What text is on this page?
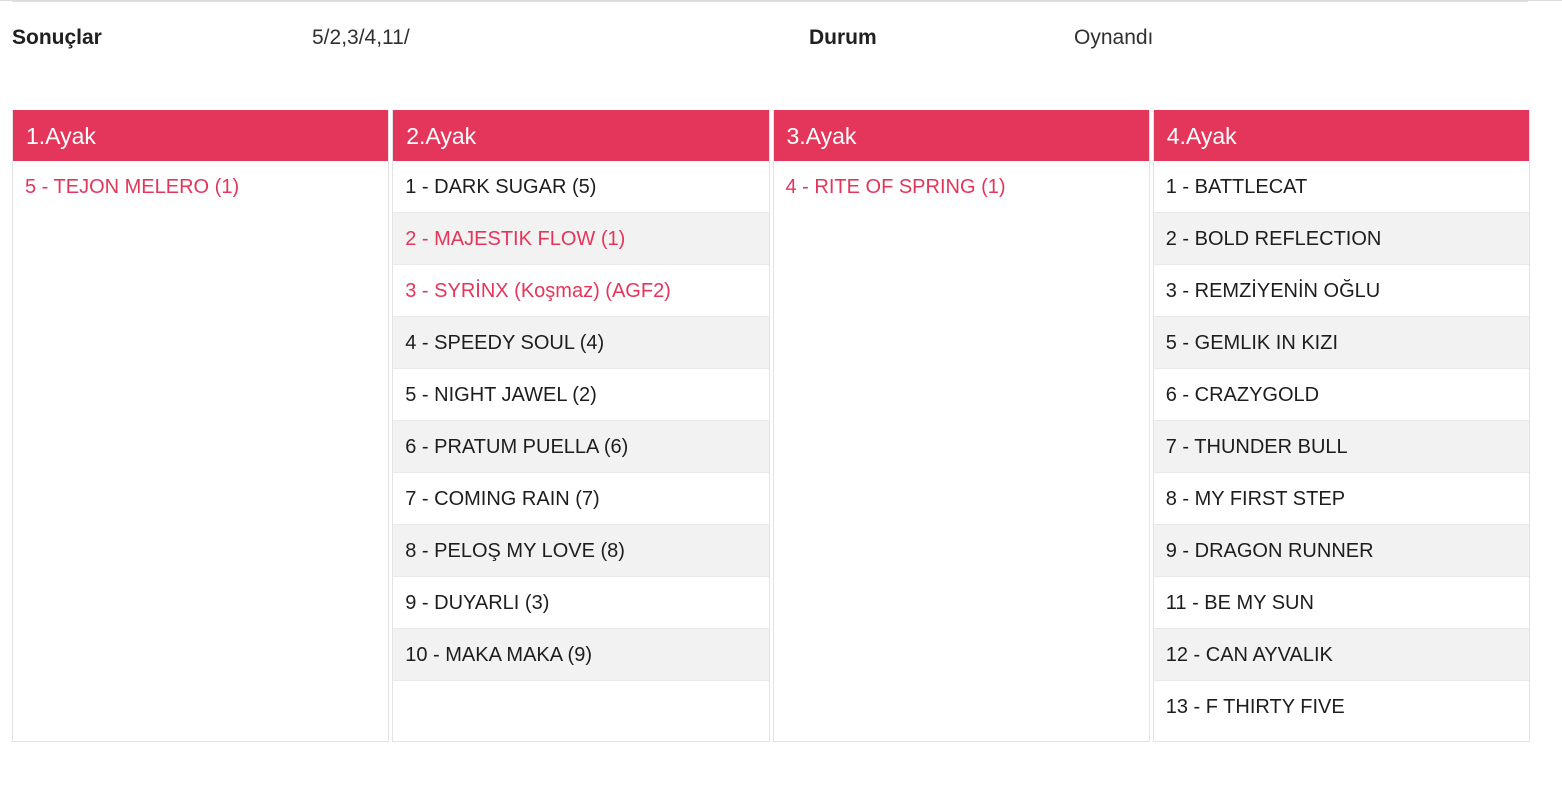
Sonuçlar	5/2,3/4,11/	Durum	Oynandı
1.Ayak
5 - TEJON MELERO (1)
2.Ayak
1 - DARK SUGAR (5)
2 - MAJESTIK FLOW (1)
3 - SYRİNX (Koşmaz) (AGF2)
4 - SPEEDY SOUL (4)
5 - NIGHT JAWEL (2)
6 - PRATUM PUELLA (6)
7 - COMING RAIN (7)
8 - PELOŞ MY LOVE (8)
9 - DUYARLI (3)
10 - MAKA MAKA (9)
3.Ayak
4 - RITE OF SPRING (1)
4.Ayak
1 - BATTLECAT
2 - BOLD REFLECTION
3 - REMZİYENİN OĞLU
5 - GEMLIK IN KIZI
6 - CRAZYGOLD
7 - THUNDER BULL
8 - MY FIRST STEP
9 - DRAGON RUNNER
11 - BE MY SUN
12 - CAN AYVALIK
13 - F THIRTY FIVE
